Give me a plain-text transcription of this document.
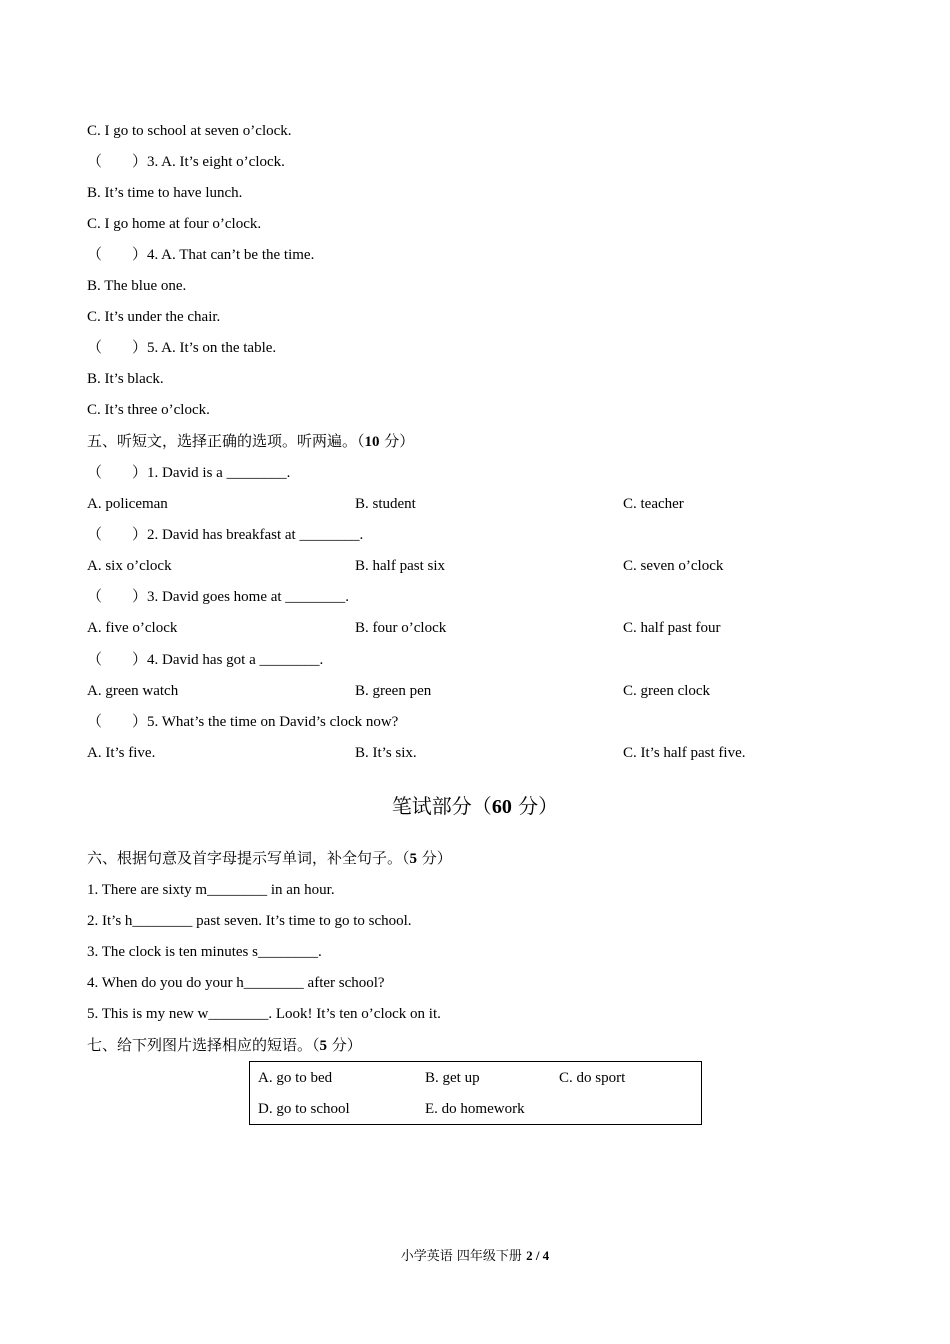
C. I go to school at seven o’clock.
（　　）3. A. It’s eight o’clock.
B. It’s time to have lunch.
C. I go home at four o’clock.
（　　）4. A. That can’t be the time.
B. The blue one.
C. It’s under the chair.
（　　）5. A. It’s on the table.
B. It’s black.
C. It’s three o’clock.
五、听短文，选择正确的选项。听两遍。（10 分）
（　　）1. David is a ________.
A. policeman	B. student	C. teacher
（　　）2. David has breakfast at ________.
A. six o’clock	B. half past six	C. seven o’clock
（　　）3. David goes home at ________.
A. five o’clock	B. four o’clock	C. half past four
（　　）4. David has got a ________.
A. green watch	B. green pen	C. green clock
（　　）5. What’s the time on David’s clock now?
A. It’s five.	B. It’s six.	C. It’s half past five.
笔试部分（60 分）
六、根据句意及首字母提示写单词，补全句子。（5 分）
1. There are sixty m________ in an hour.
2. It’s h________ past seven. It’s time to go to school.
3. The clock is ten minutes s________.
4. When do you do your h________ after school?
5. This is my new w________. Look! It’s ten o’clock on it.
七、给下列图片选择相应的短语。（5 分）
A. go to bed	B. get up	C. do sport
D. go to school	E. do homework
小学英语 四年级下册 2 / 4
